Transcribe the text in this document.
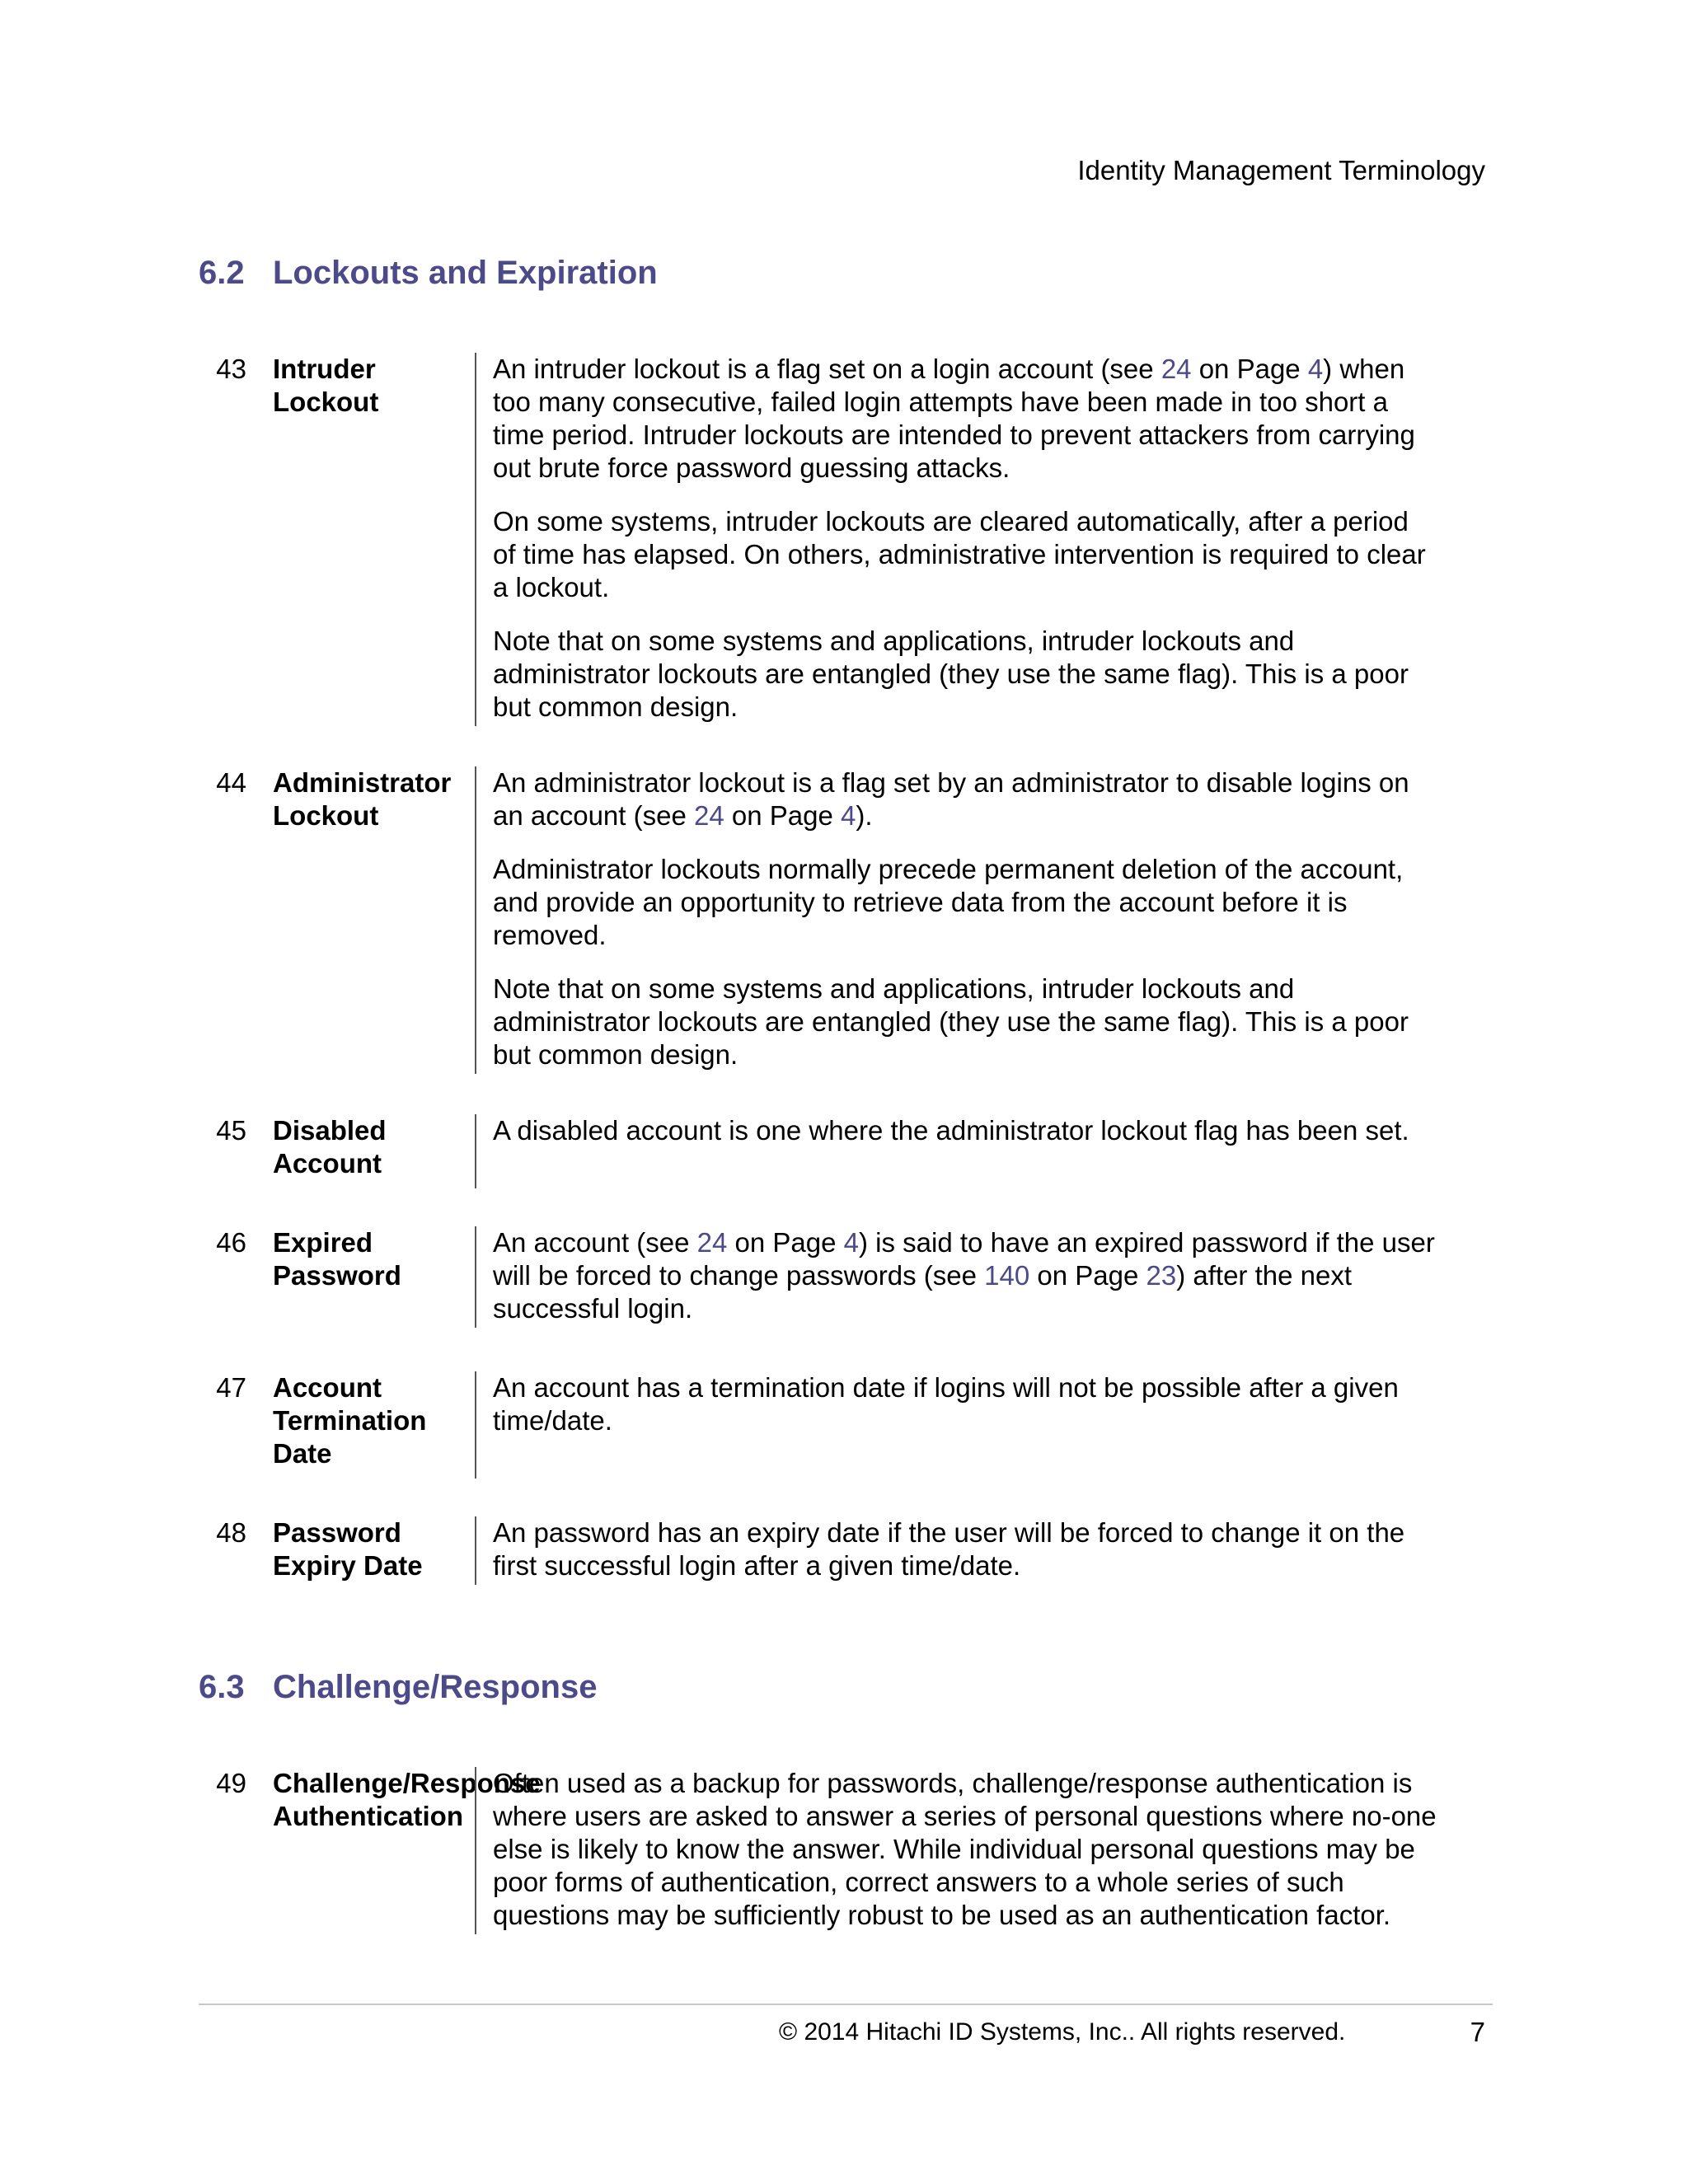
Identity Management Terminology
6.2 Lockouts and Expiration
43 Intruder Lockout

An intruder lockout is a flag set on a login account (see 24 on Page 4) when too many consecutive, failed login attempts have been made in too short a time period. Intruder lockouts are intended to prevent attackers from carrying out brute force password guessing attacks.

On some systems, intruder lockouts are cleared automatically, after a period of time has elapsed. On others, administrative intervention is required to clear a lockout.

Note that on some systems and applications, intruder lockouts and administrator lockouts are entangled (they use the same flag). This is a poor but common design.

44 Administrator
Lockout

An administrator lockout is a flag set by an administrator to disable logins on an account (see 24 on Page 4).

Administrator lockouts normally precede permanent deletion of the account, and provide an opportunity to retrieve data from the account before it is removed.

Note that on some systems and applications, intruder lockouts and administrator lockouts are entangled (they use the same flag). This is a poor but common design.

45 Disabled
Account

A disabled account is one where the administrator lockout flag has been set.

46 Expired
Password

An account (see 24 on Page 4) is said to have an expired password if the user will be forced to change passwords (see 140 on Page 23) after the next successful login.

47 Account
Termination
Date

An account has a termination date if logins will not be possible after a given time/date.

48 Password
Expiry Date

An password has an expiry date if the user will be forced to change it on the first successful login after a given time/date.

6.3 Challenge/Response
49 Challenge/Response
Authentication

Often used as a backup for passwords, challenge/response authentication is where users are asked to answer a series of personal questions where no-one else is likely to know the answer. While individual personal questions may be poor forms of authentication, correct answers to a whole series of such questions may be sufficiently robust to be used as an authentication factor.

© 2014 Hitachi ID Systems, Inc.. All rights reserved.	7
